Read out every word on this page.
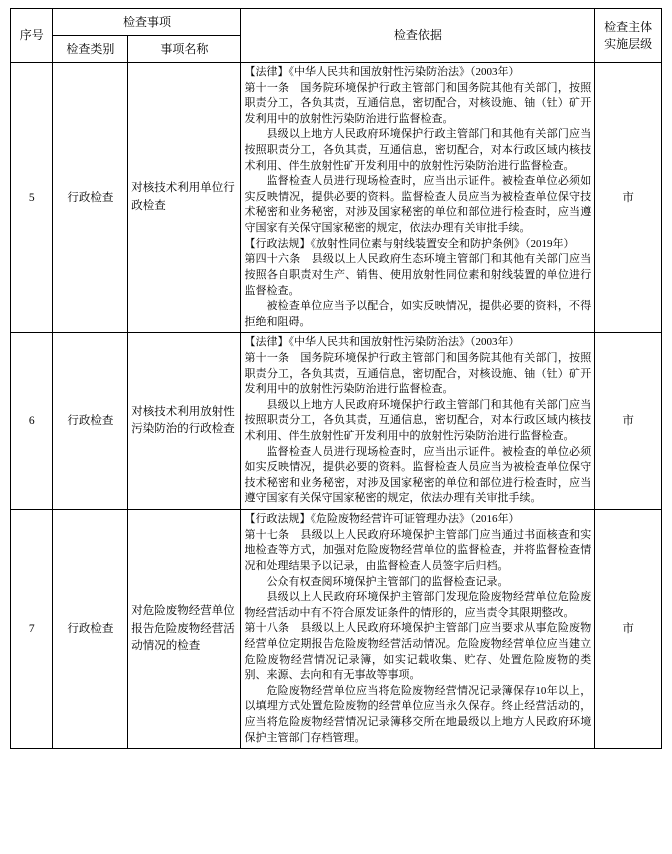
序号	检查事项		检查依据	检查主体
实施层级

	检查类别	事项名称		
5	行政检查	对核技术利用单位行政检查	
【法律】《中华人民共和国放射性污染防治法》（2003年）
第十一条　国务院环境保护行政主管部门和国务院其他有关部门，按照职责分工，各负其责，互通信息，密切配合，对核设施、铀（钍）矿开发利用中的放射性污染防治进行监督检查。
县级以上地方人民政府环境保护行政主管部门和其他有关部门应当按照职责分工，各负其责，互通信息，密切配合，对本行政区域内核技术利用、伴生放射性矿开发利用中的放射性污染防治进行监督检查。
监督检查人员进行现场检查时，应当出示证件。被检查单位必须如实反映情况，提供必要的资料。监督检查人员应当为被检查单位保守技术秘密和业务秘密，对涉及国家秘密的单位和部位进行检查时，应当遵守国家有关保守国家秘密的规定，依法办理有关审批手续。
【行政法规】《放射性同位素与射线装置安全和防护条例》（2019年）
第四十六条　县级以上人民政府生态环境主管部门和其他有关部门应当按照各自职责对生产、销售、使用放射性同位素和射线装置的单位进行监督检查。
被检查单位应当予以配合，如实反映情况，提供必要的资料，不得拒绝和阻碍。
	市
6	行政检查	对核技术利用放射性污染防治的行政检查	【法律】《中华人民共和国放射性污染防治法》（2003年）
第十一条　国务院环境保护行政主管部门和国务院其他有关部门，按照职责分工，各负其责，互通信息，密切配合，对核设施、铀（钍）矿开发利用中的放射性污染防治进行监督检查。
县级以上地方人民政府环境保护行政主管部门和其他有关部门应当按照职责分工，各负其责，互通信息，密切配合，对本行政区域内核技术利用、伴生放射性矿开发利用中的放射性污染防治进行监督检查。
监督检查人员进行现场检查时，应当出示证件。被检查的单位必须如实反映情况，提供必要的资料。监督检查人员应当为被检查单位保守技术秘密和业务秘密，对涉及国家秘密的单位和部位进行检查时，应当遵守国家有关保守国家秘密的规定，依法办理有关审批手续。	市
7	行政检查	对危险废物经营单位报告危险废物经营活动情况的检查	
【行政法规】《危险废物经营许可证管理办法》（2016年）
第十七条　县级以上人民政府环境保护主管部门应当通过书面核查和实地检查等方式，加强对危险废物经营单位的监督检查，并将监督检查情况和处理结果予以记录，由监督检查人员签字后归档。
公众有权查阅环境保护主管部门的监督检查记录。
县级以上人民政府环境保护主管部门发现危险废物经营单位危险废物经营活动中有不符合原发证条件的情形的，应当责令其限期整改。
第十八条　县级以上人民政府环境保护主管部门应当要求从事危险废物经营单位定期报告危险废物经营活动情况。危险废物经营单位应当建立危险废物经营情况记录簿，如实记载收集、贮存、处置危险废物的类别、来源、去向和有无事故等事项。
危险废物经营单位应当将危险废物经营情况记录簿保存10年以上，以填埋方式处置危险废物的经营单位应当永久保存。终止经营活动的，应当将危险废物经营情况记录簿移交所在地最级以上地方人民政府环境保护主管部门存档管理。
	市
